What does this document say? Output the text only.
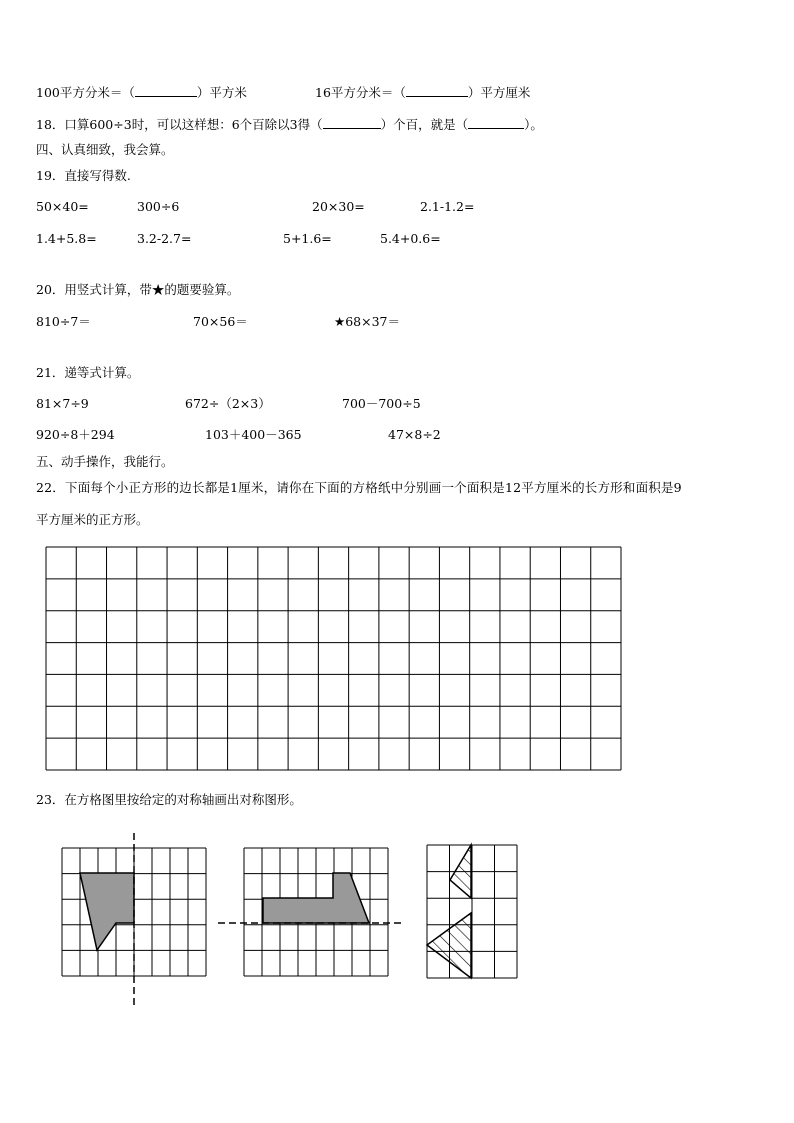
100平方分米＝（	）平方米	16平方分米＝（	）平方厘米
18．口算600÷3时，可以这样想：6个百除以3得（	）个百，就是（	）。
四、认真细致，我会算。
19．直接写得数.
50×40=	300÷6	20×30=	2.1-1.2=
1.4+5.8=	3.2-2.7=	5+1.6=	5.4+0.6=
20．用竖式计算，带★的题要验算。
810÷7＝	70×56＝	★68×37＝
21．递等式计算。
81×7÷9	672÷（2×3）	700－700÷5
920÷8＋294	103＋400－365	47×8÷2
五、动手操作，我能行。
22．下面每个小正方形的边长都是1厘米，请你在下面的方格纸中分别画一个面积是12平方厘米的长方形和面积是9
平方厘米的正方形。
23．在方格图里按给定的对称轴画出对称图形。
